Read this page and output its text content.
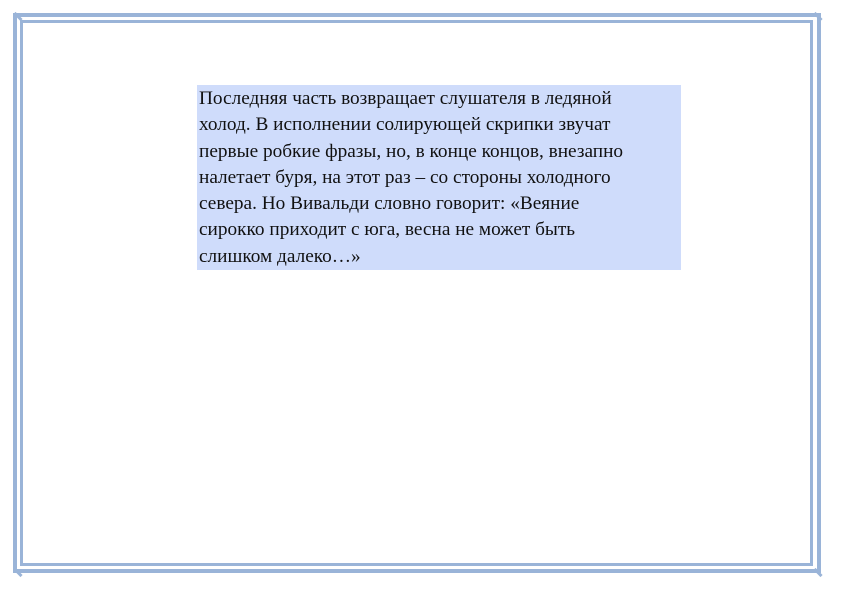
Последняя часть возвращает слушателя в ледяной
холод. В исполнении солирующей скрипки звучат
первые робкие фразы, но, в конце концов, внезапно
налетает буря, на этот раз – со стороны холодного
севера. Но Вивальди словно говорит: «Веяние
сирокко приходит с юга, весна не может быть
слишком далеко…»
